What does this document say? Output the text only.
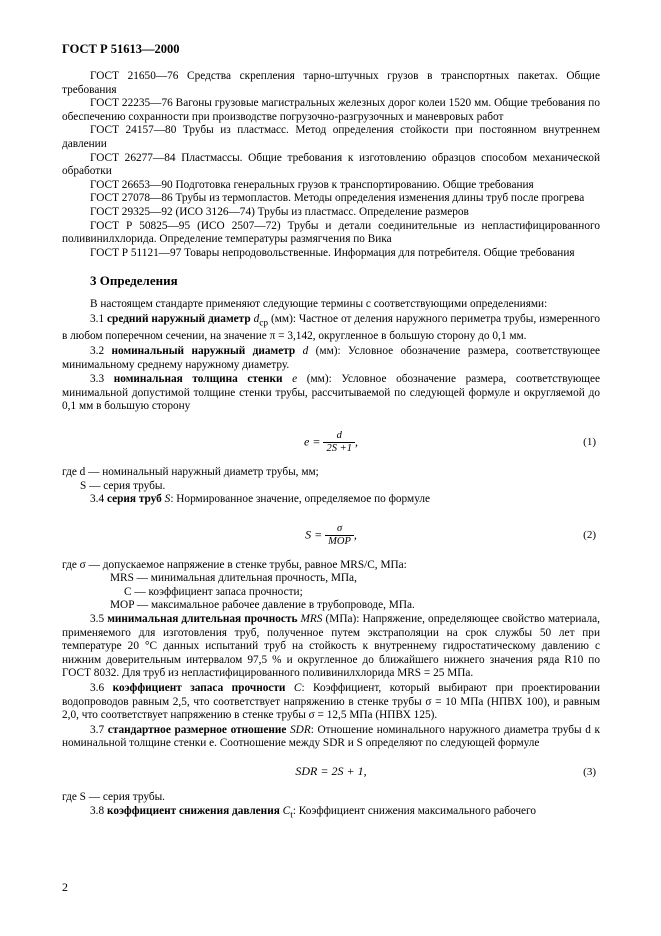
ГОСТ Р 51613—2000

ГОСТ 21650—76 Средства скрепления тарно-штучных грузов в транспортных пакетах. Общие требования

ГОСТ 22235—76 Вагоны грузовые магистральных железных дорог колеи 1520 мм. Общие требования по обеспечению сохранности при производстве погрузочно-разгрузочных и маневровых работ

ГОСТ 24157—80 Трубы из пластмасс. Метод определения стойкости при постоянном внутреннем давлении

ГОСТ 26277—84 Пластмассы. Общие требования к изготовлению образцов способом механической обработки

ГОСТ 26653—90 Подготовка генеральных грузов к транспортированию. Общие требования

ГОСТ 27078—86 Трубы из термопластов. Методы определения изменения длины труб после прогрева

ГОСТ 29325—92 (ИСО 3126—74) Трубы из пластмасс. Определение размеров

ГОСТ Р 50825—95 (ИСО 2507—72) Трубы и детали соединительные из непластифицированного поливинилхлорида. Определение температуры размягчения по Вика

ГОСТ Р 51121—97 Товары непродовольственные. Информация для потребителя. Общие требования

3 Определения

В настоящем стандарте применяют следующие термины с соответствующими определениями:

3.1 средний наружный диаметр $d_{ср}$ (мм): Частное от деления наружного периметра трубы, измеренного в любом поперечном сечении, на значение π = 3,142, округленное в большую сторону до 0,1 мм.

3.2 номинальный наружный диаметр d (мм): Условное обозначение размера, соответствующее минимальному среднему наружному диаметру.

3.3 номинальная толщина стенки e (мм): Условное обозначение размера, соответствующее минимальной допустимой толщине стенки трубы, рассчитываемой по следующей формуле и округляемой до 0,1 мм в большую сторону

$e = \frac{d}{2S +1}$ ,	(1)

где d — номинальный наружный диаметр трубы, мм;

S — серия трубы.

3.4 серия труб S: Нормированное значение, определяемое по формуле

$S = \frac{\sigma}{\text{MOP}}$ ,	(2)

где σ — допускаемое напряжение в стенке трубы, равное MRS/C, МПа:

MRS — минимальная длительная прочность, МПа,

C — коэффициент запаса прочности;

MOP — максимальное рабочее давление в трубопроводе, МПа.

3.5 минимальная длительная прочность MRS (МПа): Напряжение, определяющее свойство материала, применяемого для изготовления труб, полученное путем экстраполяции на срок службы 50 лет при температуре 20 °С данных испытаний труб на стойкость к внутреннему гидростатическому давлению с нижним доверительным интервалом 97,5 % и округленное до ближайшего нижнего значения ряда R10 по ГОСТ 8032. Для труб из непластифицированного поливинилхлорида MRS = 25 МПа.

3.6 коэффициент запаса прочности C: Коэффициент, который выбирают при проектировании водопроводов равным 2,5, что соответствует напряжению в стенке трубы σ = 10 МПа (НПВХ 100), и равным 2,0, что соответствует напряжению в стенке трубы σ = 12,5 МПа (НПВХ 125).

3.7 стандартное размерное отношение SDR: Отношение номинального наружного диаметра трубы d к номинальной толщине стенки e. Соотношение между SDR и S определяют по следующей формуле

SDR = 2S + 1,	(3)

где S — серия трубы.

3.8 коэффициент снижения давления $C_t$: Коэффициент снижения максимального рабочего

2
